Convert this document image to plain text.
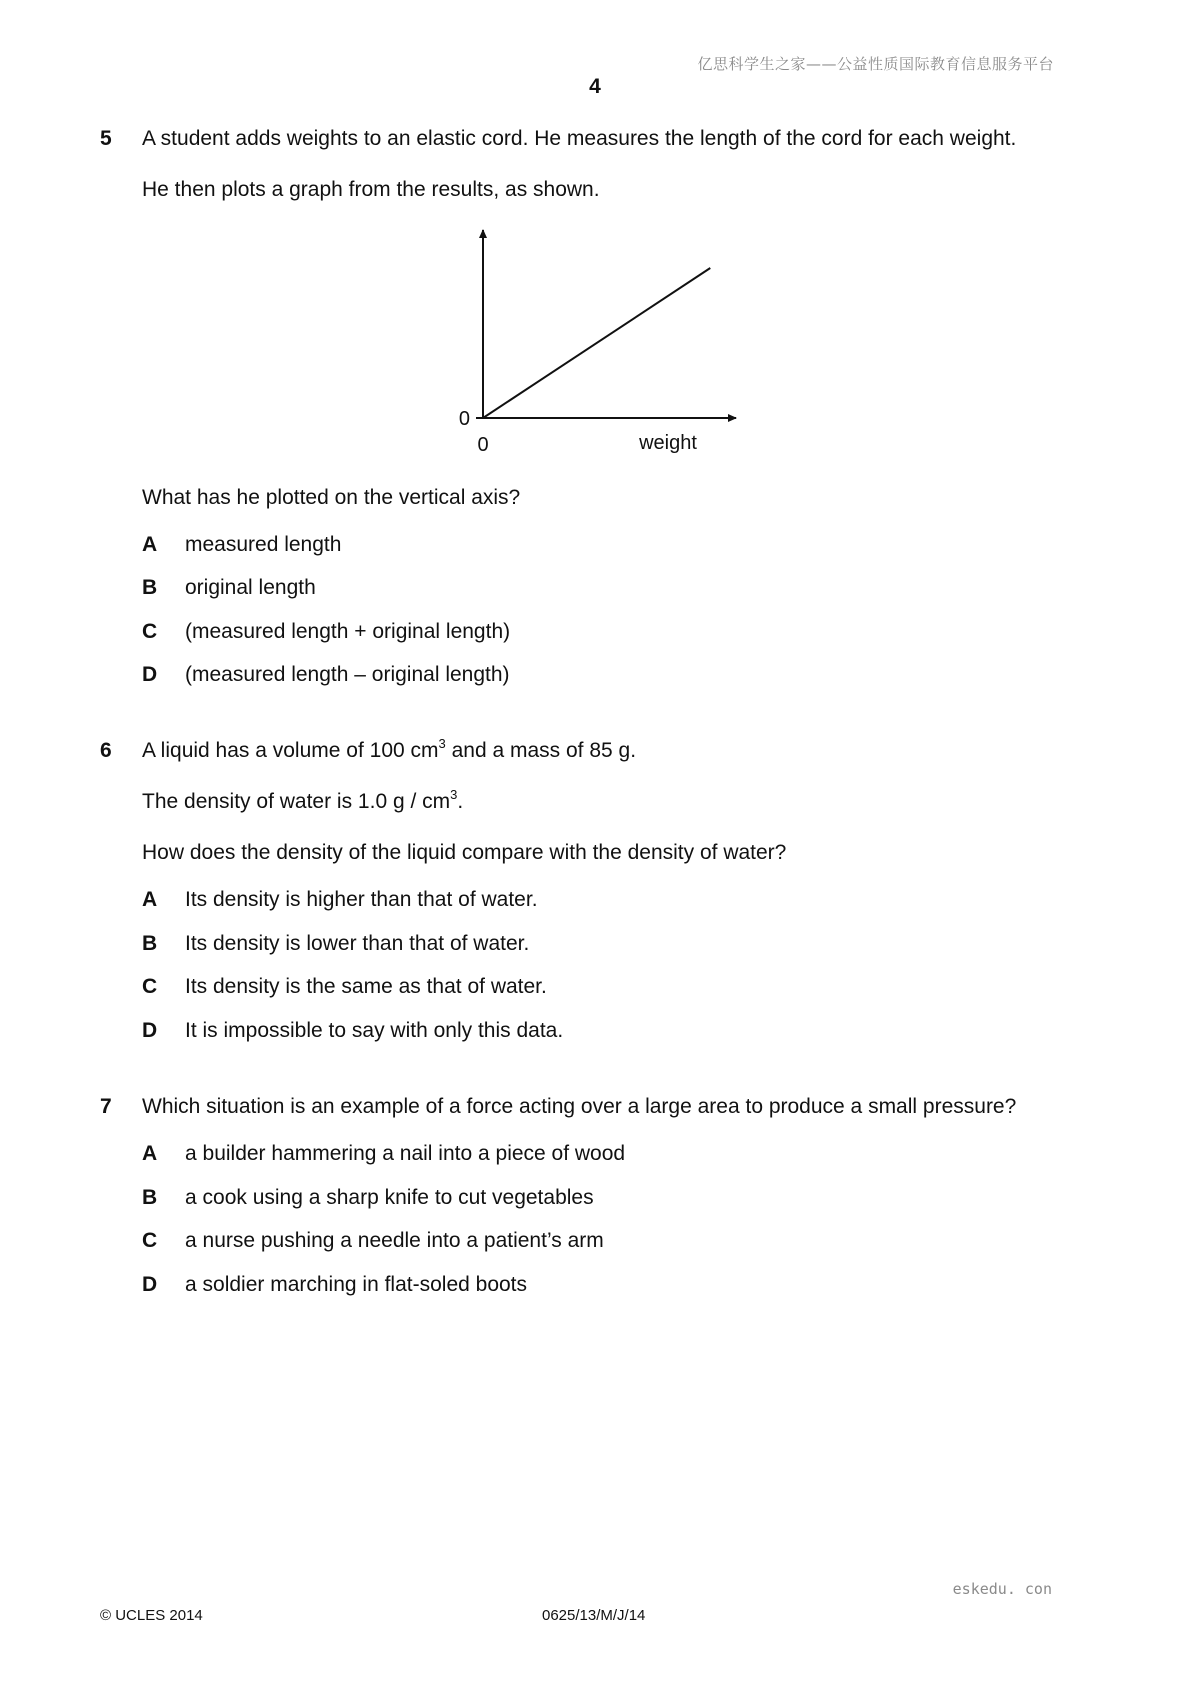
亿思科学生之家——公益性质国际教育信息服务平台
4
5 A student adds weights to an elastic cord. He measures the length of the cord for each weight.
He then plots a graph from the results, as shown.
0
0	weight
What has he plotted on the vertical axis?
A measured length
B original length
C (measured length + original length)
D (measured length – original length)
6 A liquid has a volume of 100 $cm^3$ and a mass of 85 g.
The density of water is 1.0 g / $cm^3$.
How does the density of the liquid compare with the density of water?
A Its density is higher than that of water.
B Its density is lower than that of water.
C Its density is the same as that of water.
D It is impossible to say with only this data.
7 Which situation is an example of a force acting over a large area to produce a small pressure?
A a builder hammering a nail into a piece of wood
B a cook using a sharp knife to cut vegetables
C a nurse pushing a needle into a patient’s arm
D a soldier marching in flat-soled boots
eskedu. con
© UCLES 2014	0625/13/M/J/14
